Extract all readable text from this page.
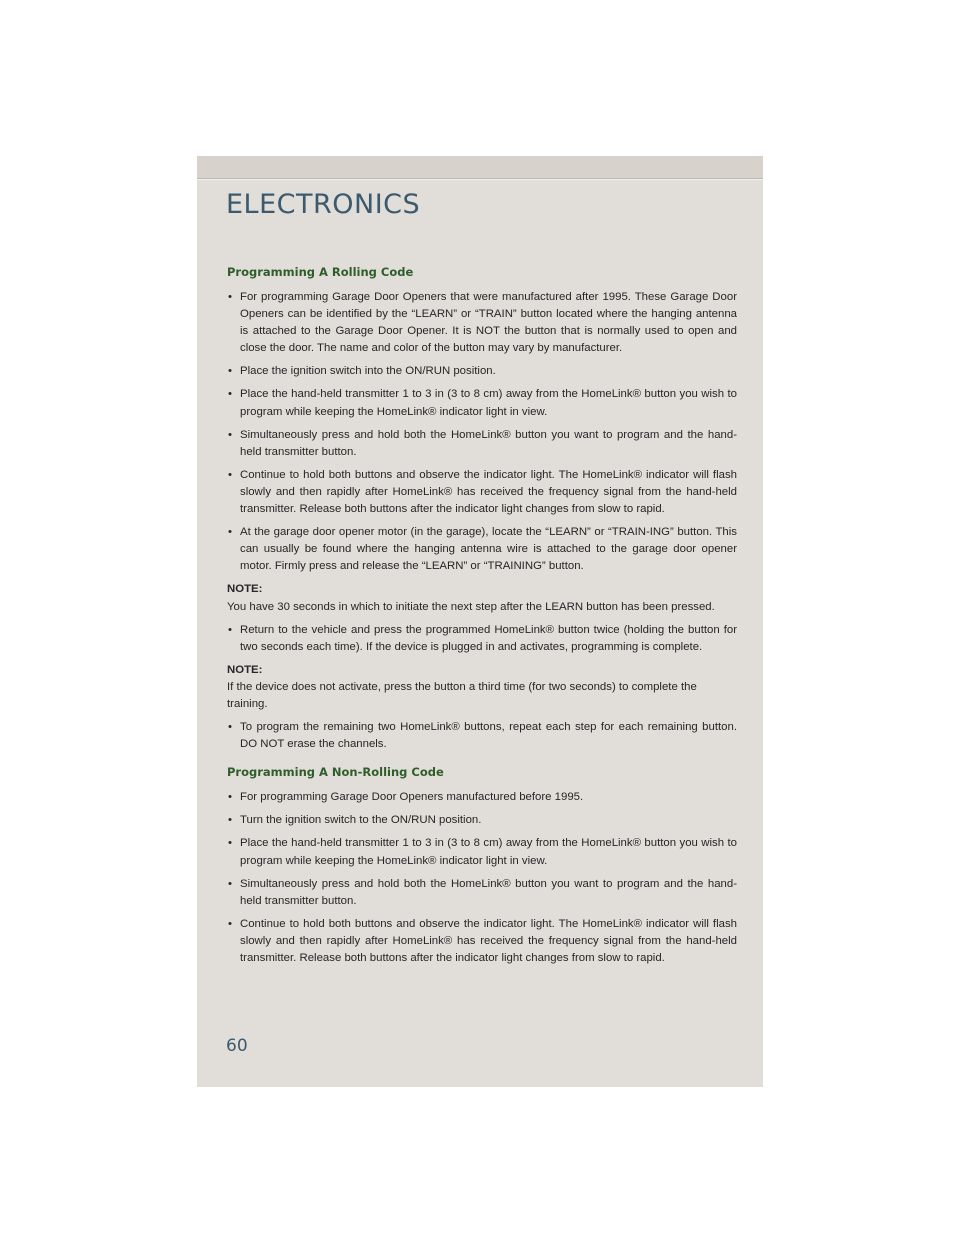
ELECTRONICS
Programming A Rolling Code
• For programming Garage Door Openers that were manufactured after 1995. These Garage Door Openers can be identified by the “LEARN” or “TRAIN” button located where the hanging antenna is attached to the Garage Door Opener. It is NOT the button that is normally used to open and close the door. The name and color of the button may vary by manufacturer.
• Place the ignition switch into the ON/RUN position.
• Place the hand-held transmitter 1 to 3 in (3 to 8 cm) away from the HomeLink® button you wish to program while keeping the HomeLink® indicator light in view.
• Simultaneously press and hold both the HomeLink® button you want to program and the hand-held transmitter button.
• Continue to hold both buttons and observe the indicator light. The HomeLink® indicator will flash slowly and then rapidly after HomeLink® has received the frequency signal from the hand-held transmitter. Release both buttons after the indicator light changes from slow to rapid.
• At the garage door opener motor (in the garage), locate the “LEARN” or “TRAIN-ING” button. This can usually be found where the hanging antenna wire is attached to the garage door opener motor. Firmly press and release the “LEARN” or “TRAINING” button.
NOTE:
You have 30 seconds in which to initiate the next step after the LEARN button has been pressed.
• Return to the vehicle and press the programmed HomeLink® button twice (holding the button for two seconds each time). If the device is plugged in and activates, programming is complete.
NOTE:
If the device does not activate, press the button a third time (for two seconds) to complete the training.
• To program the remaining two HomeLink® buttons, repeat each step for each remaining button. DO NOT erase the channels.
Programming A Non-Rolling Code
• For programming Garage Door Openers manufactured before 1995.
• Turn the ignition switch to the ON/RUN position.
• Place the hand-held transmitter 1 to 3 in (3 to 8 cm) away from the HomeLink® button you wish to program while keeping the HomeLink® indicator light in view.
• Simultaneously press and hold both the HomeLink® button you want to program and the hand-held transmitter button.
• Continue to hold both buttons and observe the indicator light. The HomeLink® indicator will flash slowly and then rapidly after HomeLink® has received the frequency signal from the hand-held transmitter. Release both buttons after the indicator light changes from slow to rapid.
60
